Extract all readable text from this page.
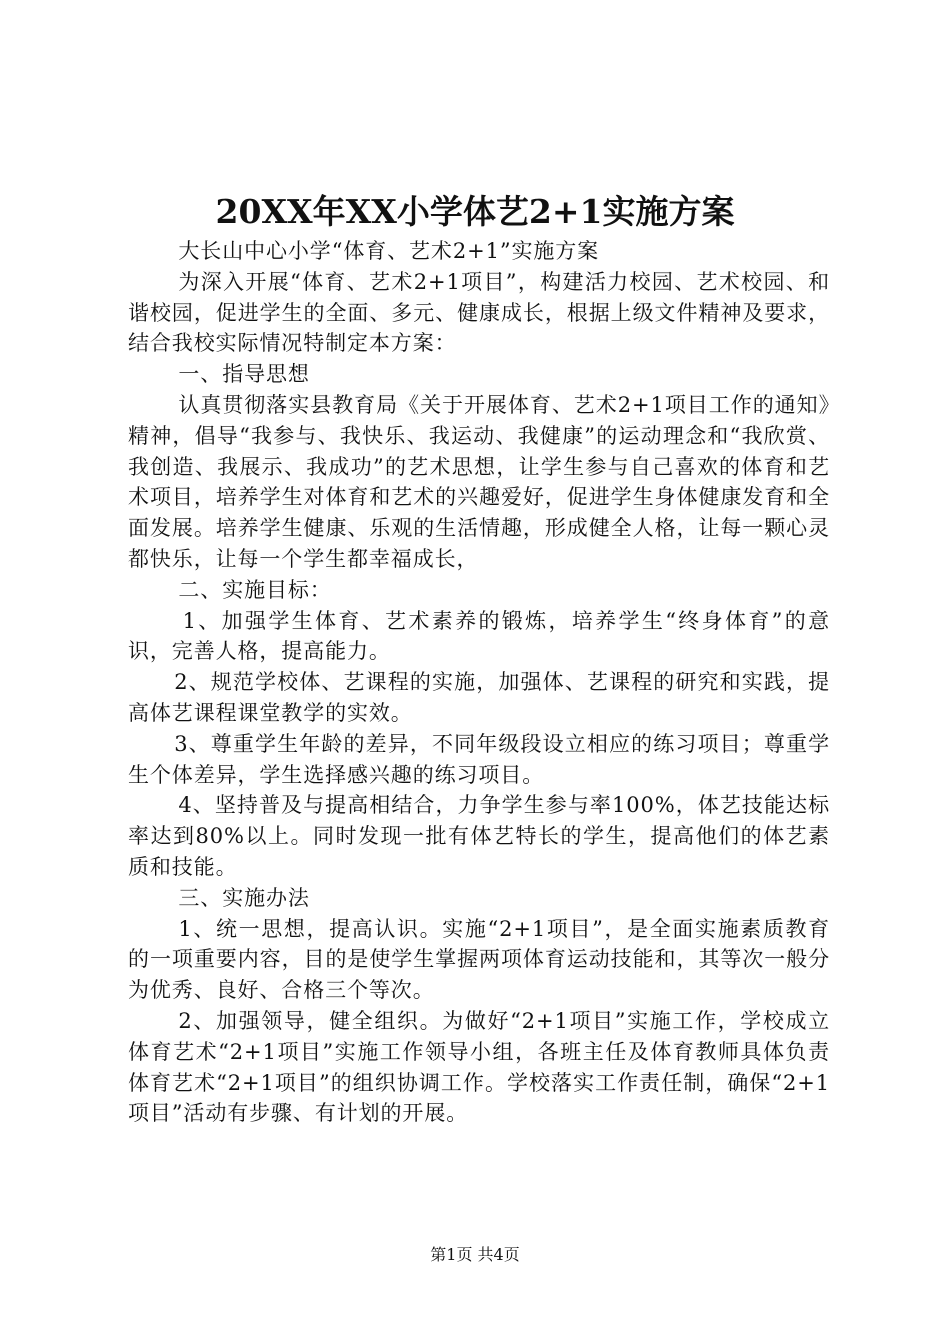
20XX年XX小学体艺2+1实施方案

大长山中心小学“体育、艺术2+1”实施方案

为深入开展“体育、艺术2+1项目”，构建活力校园、艺术校园、和谐校园，促进学生的全面、多元、健康成长，根据上级文件精神及要求，结合我校实际情况特制定本方案：

一、指导思想

认真贯彻落实县教育局《关于开展体育、艺术2+1项目工作的通知》精神，倡导“我参与、我快乐、我运动、我健康”的运动理念和“我欣赏、我创造、我展示、我成功”的艺术思想，让学生参与自己喜欢的体育和艺术项目，培养学生对体育和艺术的兴趣爱好，促进学生身体健康发育和全面发展。培养学生健康、乐观的生活情趣，形成健全人格，让每一颗心灵都快乐，让每一个学生都幸福成长，

二、实施目标：

1、加强学生体育、艺术素养的锻炼，培养学生“终身体育”的意识，完善人格，提高能力。

2、规范学校体、艺课程的实施，加强体、艺课程的研究和实践，提高体艺课程课堂教学的实效。

3、尊重学生年龄的差异，不同年级段设立相应的练习项目；尊重学生个体差异，学生选择感兴趣的练习项目。

4、坚持普及与提高相结合，力争学生参与率100%，体艺技能达标率达到80%以上。同时发现一批有体艺特长的学生，提高他们的体艺素质和技能。

三、实施办法

1、统一思想，提高认识。实施“2+1项目”，是全面实施素质教育的一项重要内容，目的是使学生掌握两项体育运动技能和，其等次一般分为优秀、良好、合格三个等次。

2、加强领导，健全组织。为做好“2+1项目”实施工作，学校成立体育艺术“2+1项目”实施工作领导小组，各班主任及体育教师具体负责体育艺术“2+1项目”的组织协调工作。学校落实工作责任制，确保“2+1项目”活动有步骤、有计划的开展。

第1页 共4页
